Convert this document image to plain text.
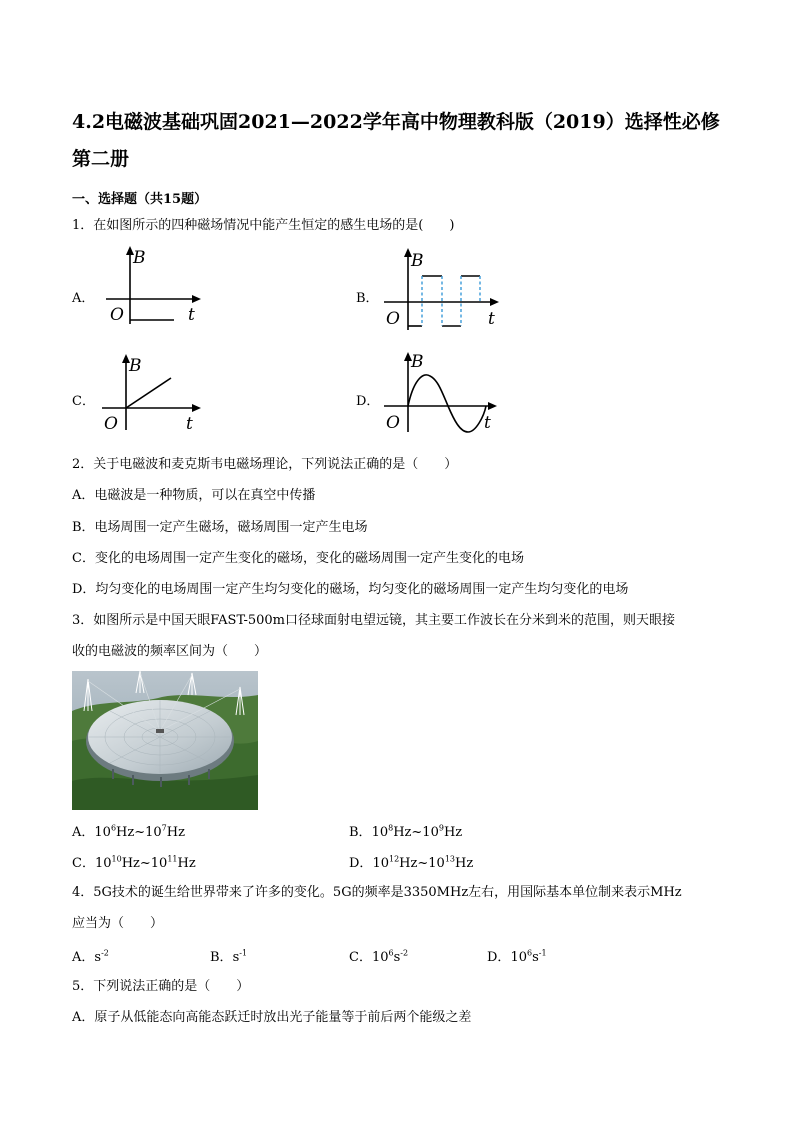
4.2电磁波基础巩固2021—2022学年高中物理教科版（2019）选择性必修第二册
一、选择题（共15题）
1．在如图所示的四种磁场情况中能产生恒定的感生电场的是(　　)
A．
B
O	t
B．
B
O	t
C．
B
O	t
D．
B
O	t
2．关于电磁波和麦克斯韦电磁场理论，下列说法正确的是（　　）
A．电磁波是一种物质，可以在真空中传播
B．电场周围一定产生磁场，磁场周围一定产生电场
C．变化的电场周围一定产生变化的磁场，变化的磁场周围一定产生变化的电场
D．均匀变化的电场周围一定产生均匀变化的磁场，均匀变化的磁场周围一定产生均匀变化的电场
3．如图所示是中国天眼FAST-500m口径球面射电望远镜，其主要工作波长在分米到米的范围，则天眼接
收的电磁波的频率区间为（　　）
A．$10^6Hz\sim 10^7Hz$	B．$10^8Hz\sim 10^9Hz$
C．$10^{10}Hz\sim 10^{11}Hz$	D．$10^{12}Hz\sim 10^{13}Hz$
4．5G技术的诞生给世界带来了许多的变化。5G的频率是3350MHz左右，用国际基本单位制来表示MHz
应当为（　　）
A．$s^{-2}$	B．$s^{-1}$	C．$10^6s^{-2}$	D．$10^6s^{-1}$
5．下列说法正确的是（　　）
A．原子从低能态向高能态跃迁时放出光子能量等于前后两个能级之差
